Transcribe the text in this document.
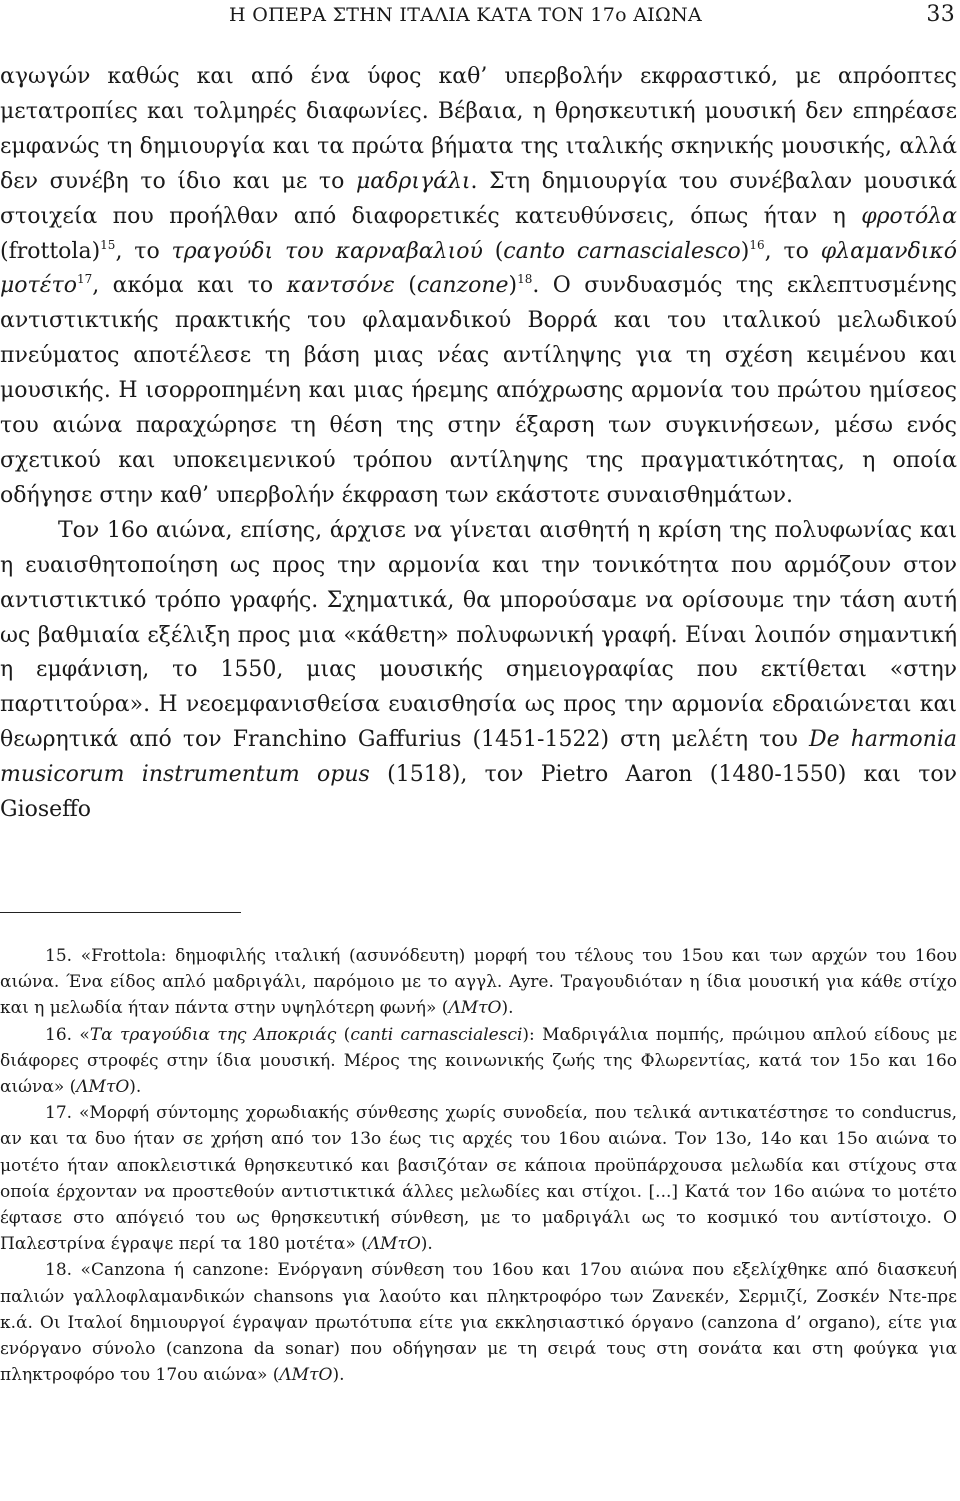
Η ΟΠΕΡΑ ΣΤΗΝ ΙΤΑΛΙΑ ΚΑΤΑ ΤΟΝ 17ο ΑΙΩΝΑ	33

αγωγών καθώς και από ένα ύφος καθ’ υπερβολήν εκφραστικό, με απρόοπτες μετατροπίες και τολμηρές διαφωνίες. Βέβαια, η θρησκευτική μουσική δεν επηρέασε εμφανώς τη δημιουργία και τα πρώτα βήματα της ιταλικής σκηνικής μουσικής, αλλά δεν συνέβη το ίδιο και με το μαδριγάλι. Στη δημιουργία του συνέβαλαν μουσικά στοιχεία που προήλθαν από διαφορετικές κατευθύνσεις, όπως ήταν η φροτόλα (frottola)$^{15}$, το τραγούδι του καρναβαλιού (canto carnascialesco)$^{16}$, το φλαμανδικό μοτέτο$^{17}$, ακόμα και το καντσόνε (canzone)$^{18}$. Ο συνδυασμός της εκλεπτυσμένης αντιστικτικής πρακτικής του φλαμανδικού Βορρά και του ιταλικού μελωδικού πνεύματος αποτέλεσε τη βάση μιας νέας αντίληψης για τη σχέση κειμένου και μουσικής. Η ισορροπημένη και μιας ήρεμης απόχρωσης αρμονία του πρώτου ημίσεος του αιώνα παραχώρησε τη θέση της στην έξαρση των συγκινήσεων, μέσω ενός σχετικού και υποκειμενικού τρόπου αντίληψης της πραγματικότητας, η οποία οδήγησε στην καθ’ υπερβολήν έκφραση των εκάστοτε συναισθημάτων.

Τον 16ο αιώνα, επίσης, άρχισε να γίνεται αισθητή η κρίση της πολυφωνίας και η ευαισθητοποίηση ως προς την αρμονία και την τονικότητα που αρμόζουν στον αντιστικτικό τρόπο γραφής. Σχηματικά, θα μπορούσαμε να ορίσουμε την τάση αυτή ως βαθμιαία εξέλιξη προς μια «κάθετη» πολυφωνική γραφή. Είναι λοιπόν σημαντική η εμφάνιση, το 1550, μιας μουσικής σημειογραφίας που εκτίθεται «στην παρτιτούρα». Η νεοεμφανισθείσα ευαισθησία ως προς την αρμονία εδραιώνεται και θεωρητικά από τον Franchino Gaffurius (1451-1522) στη μελέτη του De harmonia musicorum instrumentum opus (1518), τον Pietro Aaron (1480-1550) και τον Gioseffo

15. «Frottola: δημοφιλής ιταλική (ασυνόδευτη) μορφή του τέλους του 15ου και των αρχών του 16ου αιώνα. Ένα είδος απλό μαδριγάλι, παρόμοιο με το αγγλ. Ayre. Τραγουδιόταν η ίδια μουσική για κάθε στίχο και η μελωδία ήταν πάντα στην υψηλότερη φωνή» (ΛΜτΟ).

16. «Τα τραγούδια της Αποκριάς (canti carnascialesci): Μαδριγάλια πομπής, πρώιμου απλού είδους με διάφορες στροφές στην ίδια μουσική. Μέρος της κοινωνικής ζωής της Φλωρεντίας, κατά τον 15ο και 16ο αιώνα» (ΛΜτΟ).

17. «Μορφή σύντομης χορωδιακής σύνθεσης χωρίς συνοδεία, που τελικά αντικατέστησε το conducrus, αν και τα δυο ήταν σε χρήση από τον 13ο έως τις αρχές του 16ου αιώνα. Τον 13ο, 14ο και 15ο αιώνα το μοτέτο ήταν αποκλειστικά θρησκευτικό και βασιζόταν σε κάποια προϋπάρχουσα μελωδία και στίχους στα οποία έρχονταν να προστεθούν αντιστικτικά άλλες μελωδίες και στίχοι. [...] Κατά τον 16ο αιώνα το μοτέτο έφτασε στο απόγειό του ως θρησκευτική σύνθεση, με το μαδριγάλι ως το κοσμικό του αντίστοιχο. Ο Παλεστρίνα έγραψε περί τα 180 μοτέτα» (ΛΜτΟ).

18. «Canzona ή canzone: Ενόργανη σύνθεση του 16ου και 17ου αιώνα που εξελίχθηκε από διασκευή παλιών γαλλοφλαμανδικών chansons για λαούτο και πληκτροφόρο των Ζανεκέν, Σερμιζί, Ζοσκέν Ντε-πρε κ.ά. Οι Ιταλοί δημιουργοί έγραψαν πρωτότυπα είτε για εκκλησιαστικό όργανο (canzona d’ organo), είτε για ενόργανο σύνολο (canzona da sonar) που οδήγησαν με τη σειρά τους στη σονάτα και στη φούγκα για πληκτροφόρο του 17ου αιώνα» (ΛΜτΟ).
